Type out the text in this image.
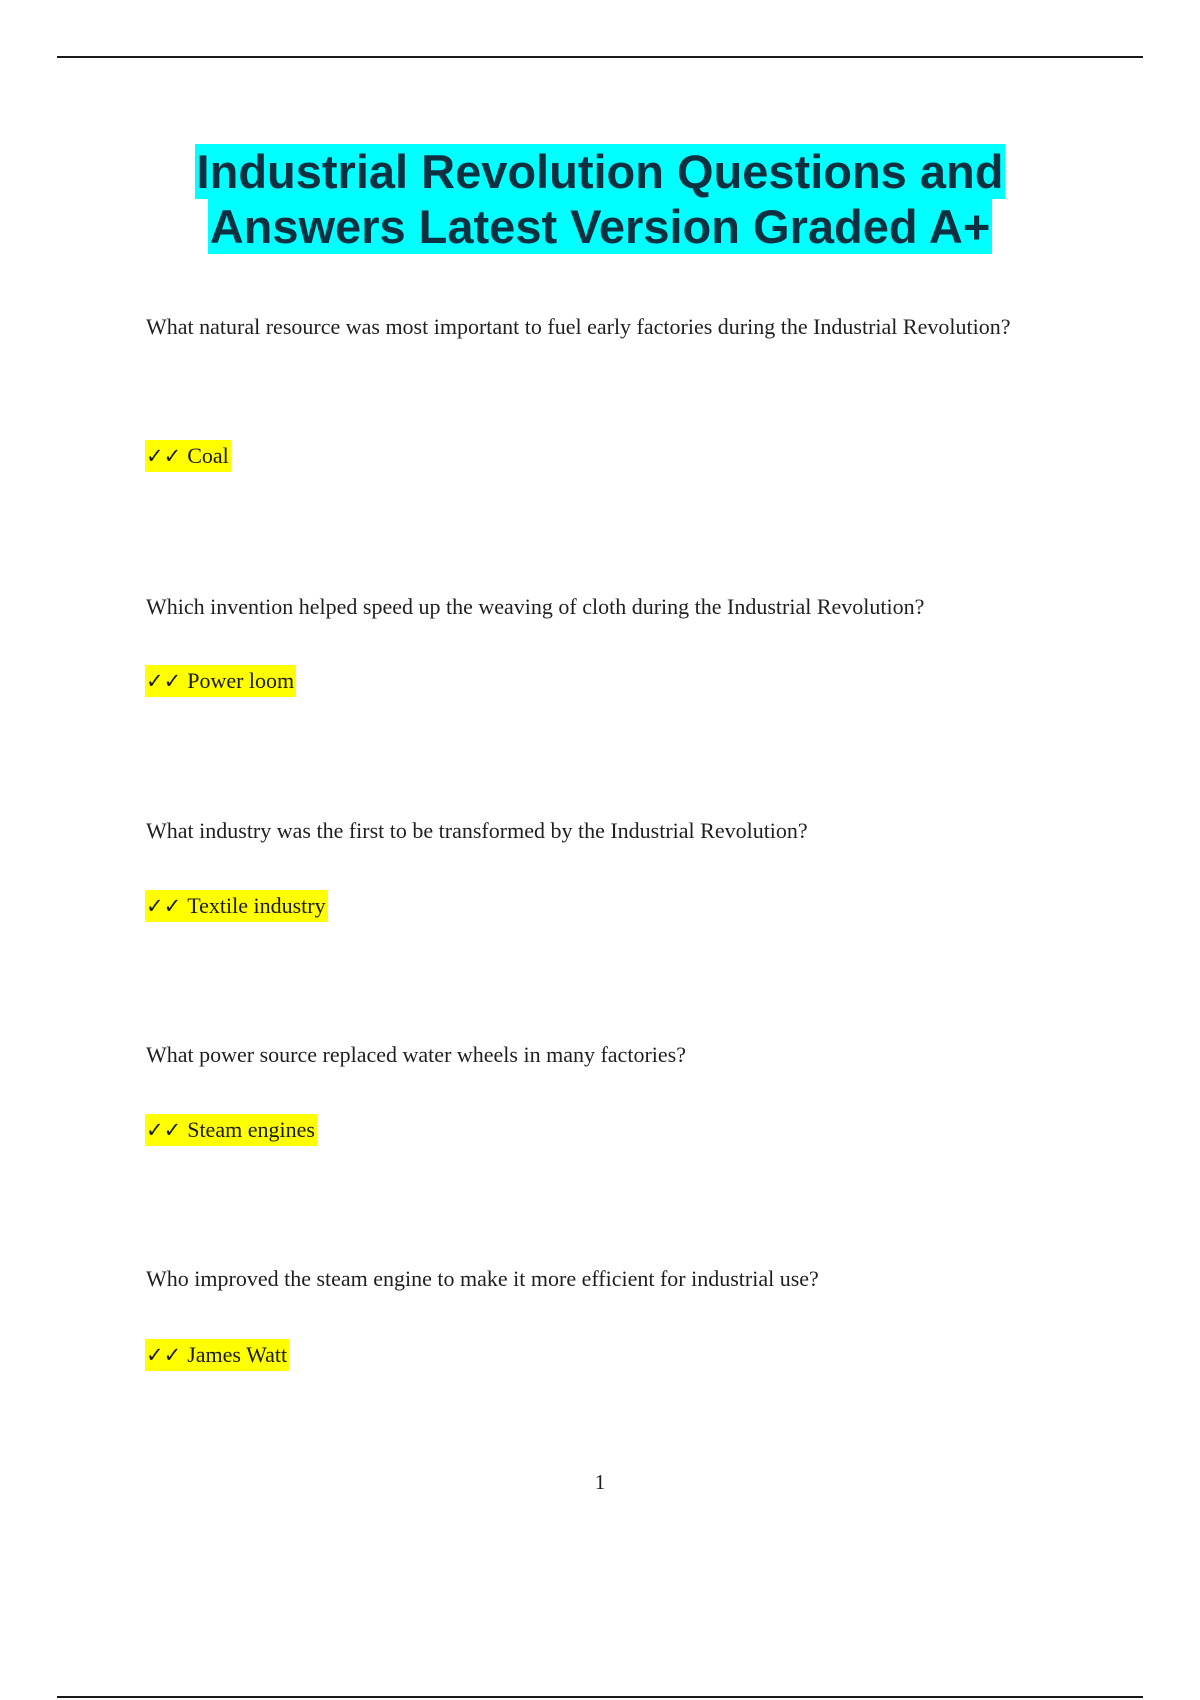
Industrial Revolution Questions and
Answers Latest Version Graded A+
What natural resource was most important to fuel early factories during the Industrial Revolution?
✓✓ Coal
Which invention helped speed up the weaving of cloth during the Industrial Revolution?
✓✓ Power loom
What industry was the first to be transformed by the Industrial Revolution?
✓✓ Textile industry
What power source replaced water wheels in many factories?
✓✓ Steam engines
Who improved the steam engine to make it more efficient for industrial use?
✓✓ James Watt
1
